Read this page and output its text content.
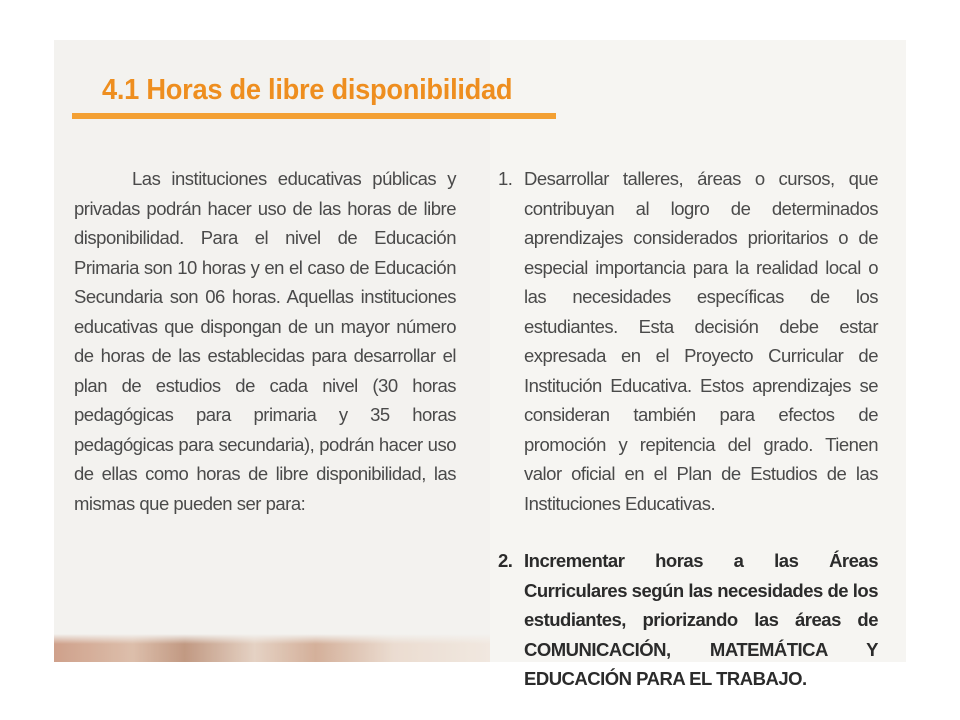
4.1 Horas de libre disponibilidad

Las instituciones educativas públicas y privadas podrán hacer uso de las horas de libre disponibilidad. Para el nivel de Educación Primaria son 10 horas y en el caso de Educación Secundaria son 06 horas. Aquellas instituciones educativas que dispongan de un mayor número de horas de las establecidas para desarrollar el plan de estudios de cada nivel (30 horas pedagógicas para primaria y 35 horas pedagógicas para secundaria), podrán hacer uso de ellas como horas de libre disponibilidad, las mismas que pueden ser para:

1. Desarrollar talleres, áreas o cursos, que contribuyan al logro de determinados aprendizajes considerados prioritarios o de especial importancia para la realidad local o las necesidades específicas de los estudiantes. Esta decisión debe estar expresada en el Proyecto Curricular de Institución Educativa. Estos aprendizajes se consideran también para efectos de promoción y repitencia del grado. Tienen valor oficial en el Plan de Estudios de las Instituciones Educativas.
2. Incrementar horas a las Áreas Curriculares según las necesidades de los estudiantes, priorizando las áreas de COMUNICACIÓN, MATEMÁTICA Y EDUCACIÓN PARA EL TRABAJO.
